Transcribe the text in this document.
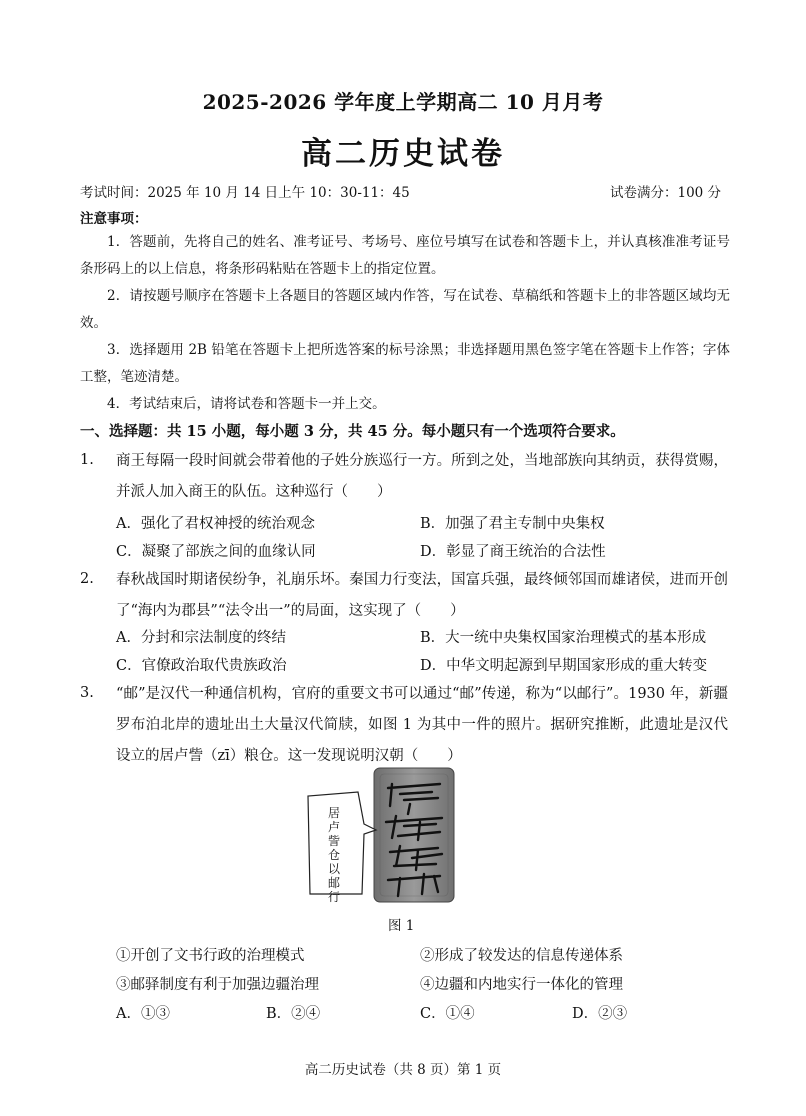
2025-2026 学年度上学期高二 10 月月考
高二历史试卷
考试时间：2025 年 10 月 14 日上午 10：30-11：45	试卷满分：100 分
注意事项：
1．答题前，先将自己的姓名、准考证号、考场号、座位号填写在试卷和答题卡上，并认真核准准考证号条形码上的以上信息，将条形码粘贴在答题卡上的指定位置。
2．请按题号顺序在答题卡上各题目的答题区域内作答，写在试卷、草稿纸和答题卡上的非答题区域均无效。
3．选择题用 2B 铅笔在答题卡上把所选答案的标号涂黑；非选择题用黑色签字笔在答题卡上作答；字体工整，笔迹清楚。
4．考试结束后，请将试卷和答题卡一并上交。
一、选择题：共 15 小题，每小题 3 分，共 45 分。每小题只有一个选项符合要求。
1. 商王每隔一段时间就会带着他的子姓分族巡行一方。所到之处，当地部族向其纳贡，获得赏赐，并派人加入商王的队伍。这种巡行（　　）
A．强化了君权神授的统治观念	B．加强了君主专制中央集权
C．凝聚了部族之间的血缘认同	D．彰显了商王统治的合法性
2. 春秋战国时期诸侯纷争，礼崩乐坏。秦国力行变法，国富兵强，最终倾邻国而雄诸侯，进而开创了“海内为郡县”“法令出一”的局面，这实现了（　　）
A．分封和宗法制度的终结	B．大一统中央集权国家治理模式的基本形成
C．官僚政治取代贵族政治	D．中华文明起源到早期国家形成的重大转变
3. “邮”是汉代一种通信机构，官府的重要文书可以通过“邮”传递，称为“以邮行”。1930 年，新疆罗布泊北岸的遗址出土大量汉代简牍，如图 1 为其中一件的照片。据研究推断，此遗址是汉代设立的居卢訾（zī）粮仓。这一发现说明汉朝（　　）
居卢訾仓以邮行
图 1
①开创了文书行政的治理模式	②形成了较发达的信息传递体系
③邮驿制度有利于加强边疆治理	④边疆和内地实行一体化的管理
A．①③	B．②④	C．①④	D．②③
高二历史试卷（共 8 页）第 1 页
